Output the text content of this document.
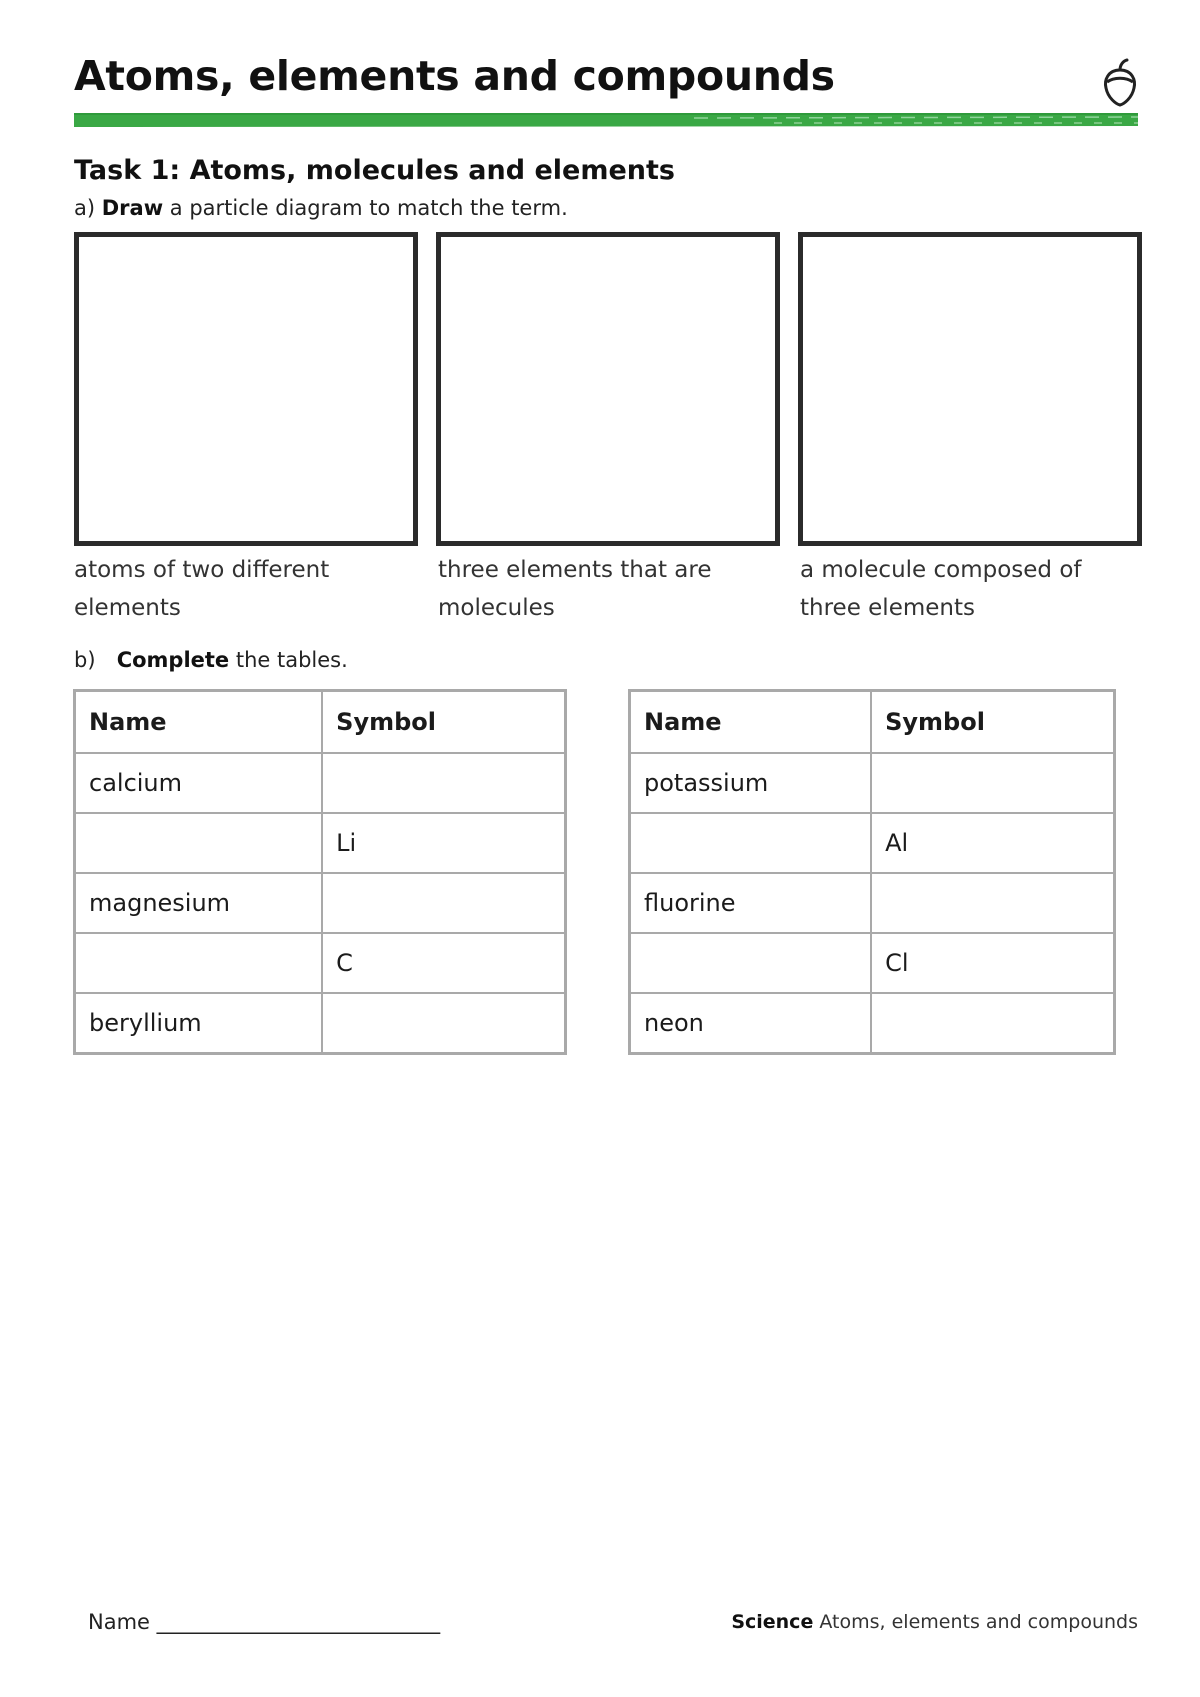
Atoms, elements and compounds
Task 1: Atoms, molecules and elements
a) Draw a particle diagram to match the term.
atoms of two different elements
three elements that are molecules
a molecule composed of three elements
b) Complete the tables.
Name	Symbol
calcium	
	Li
magnesium	
	C
beryllium	
Name	Symbol
potassium	
	Al
fluorine	
	Cl
neon	
Name ___________________________	Science Atoms, elements and compounds
